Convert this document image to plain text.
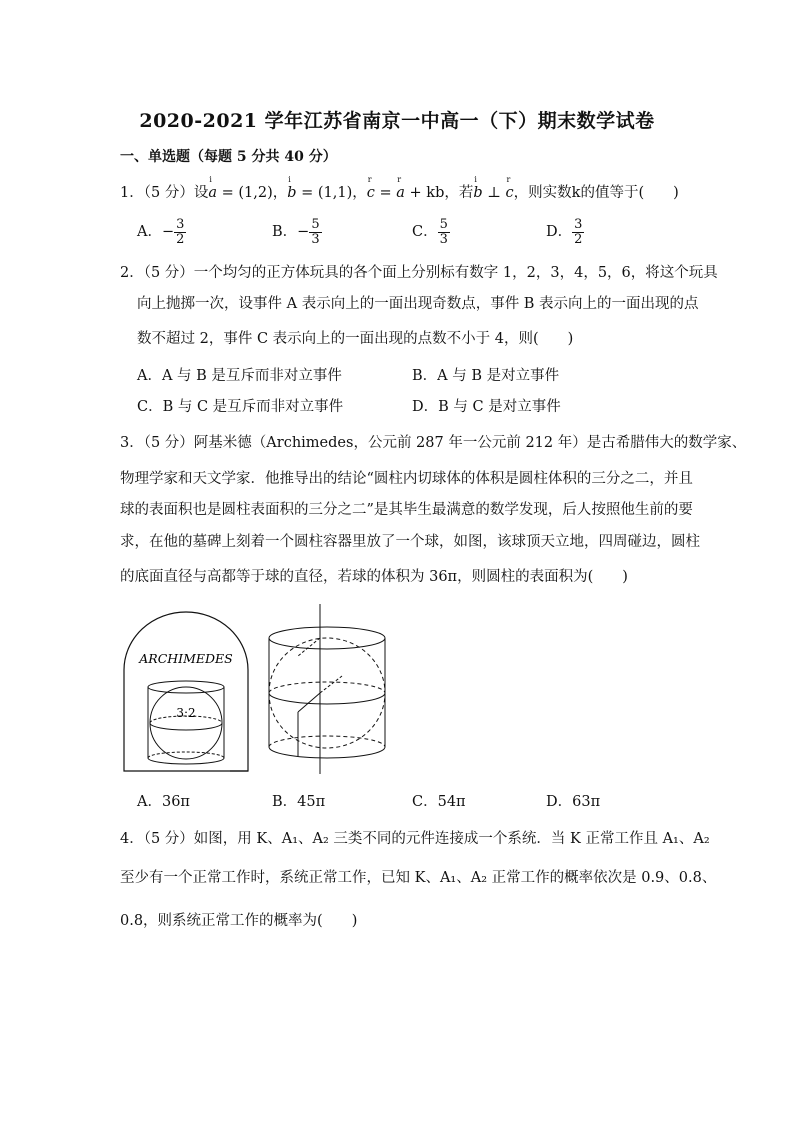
2020-2021 学年江苏省南京一中高一（下）期末数学试卷
一、单选题（每题 5 分共 40 分）
1．（5 分）设i a = (1,2)，i b = (1,1)，r c = r a + kb，若i b ⊥ r c，则实数k的值等于(　　)
A．− $\frac{3}{2}$	B．− $\frac{5}{3}$	C． $\frac{5}{3}$	D． $\frac{3}{2}$
2．（5 分）一个均匀的正方体玩具的各个面上分别标有数字 1，2，3，4，5，6，将这个玩具
向上抛掷一次，设事件 A 表示向上的一面出现奇数点，事件 B 表示向上的一面出现的点
数不超过 2，事件 C 表示向上的一面出现的点数不小于 4，则(　　)
A．A 与 B 是互斥而非对立事件	B．A 与 B 是对立事件
C．B 与 C 是互斥而非对立事件	D．B 与 C 是对立事件
3．（5 分）阿基米德（Archimedes，公元前 287 年一公元前 212 年）是古希腊伟大的数学家、
物理学家和天文学家．他推导出的结论“圆柱内切球体的体积是圆柱体积的三分之二，并且
球的表面积也是圆柱表面积的三分之二”是其毕生最满意的数学发现，后人按照他生前的要
求，在他的墓碑上刻着一个圆柱容器里放了一个球，如图，该球顶天立地，四周碰边，圆柱
的底面直径与高都等于球的直径，若球的体积为 36π，则圆柱的表面积为(　　)
ARCHIMEDES
3:2
A．36π	B．45π	C．54π	D．63π
4．（5 分）如图，用 K、A₁、A₂ 三类不同的元件连接成一个系统．当 K 正常工作且 A₁、A₂
至少有一个正常工作时，系统正常工作，已知 K、A₁、A₂ 正常工作的概率依次是 0.9、0.8、
0.8，则系统正常工作的概率为(　　)
